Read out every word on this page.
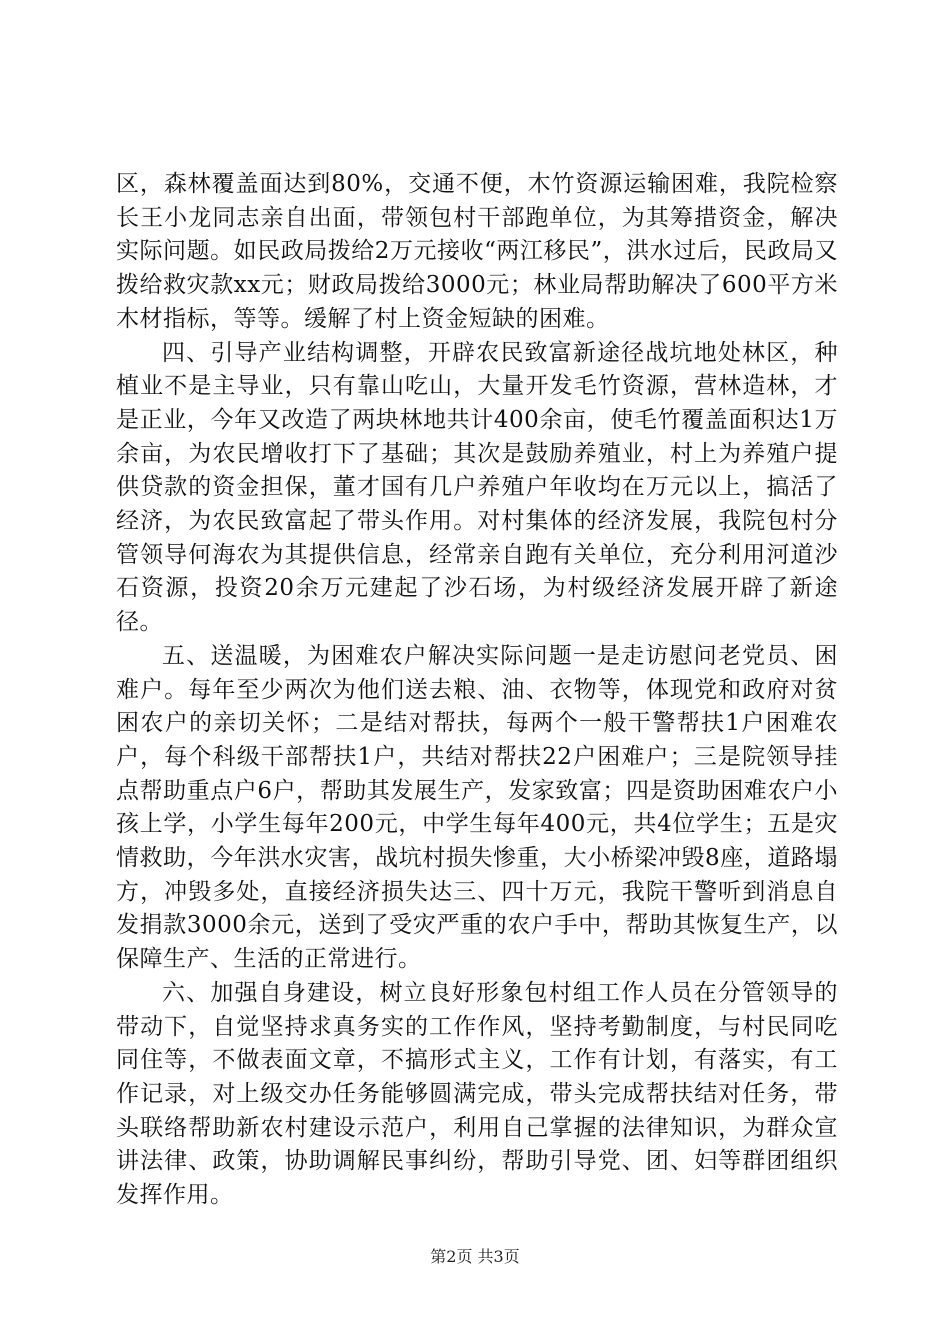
区，森林覆盖面达到80%，交通不便，木竹资源运输困难，我院检察长王小龙同志亲自出面，带领包村干部跑单位，为其筹措资金，解决实际问题。如民政局拨给2万元接收“两江移民”，洪水过后，民政局又拨给救灾款xx元；财政局拨给3000元；林业局帮助解决了600平方米木材指标，等等。缓解了村上资金短缺的困难。

四、引导产业结构调整，开辟农民致富新途径战坑地处林区，种植业不是主导业，只有靠山吃山，大量开发毛竹资源，营林造林，才是正业，今年又改造了两块林地共计400余亩，使毛竹覆盖面积达1万余亩，为农民增收打下了基础；其次是鼓励养殖业，村上为养殖户提供贷款的资金担保，董才国有几户养殖户年收均在万元以上，搞活了经济，为农民致富起了带头作用。对村集体的经济发展，我院包村分管领导何海农为其提供信息，经常亲自跑有关单位，充分利用河道沙石资源，投资20余万元建起了沙石场，为村级经济发展开辟了新途径。

五、送温暖，为困难农户解决实际问题一是走访慰问老党员、困难户。每年至少两次为他们送去粮、油、衣物等，体现党和政府对贫困农户的亲切关怀；二是结对帮扶，每两个一般干警帮扶1户困难农户，每个科级干部帮扶1户，共结对帮扶22户困难户；三是院领导挂点帮助重点户6户，帮助其发展生产，发家致富；四是资助困难农户小孩上学，小学生每年200元，中学生每年400元，共4位学生；五是灾情救助，今年洪水灾害，战坑村损失惨重，大小桥梁冲毁8座，道路塌方，冲毁多处，直接经济损失达三、四十万元，我院干警听到消息自发捐款3000余元，送到了受灾严重的农户手中，帮助其恢复生产，以保障生产、生活的正常进行。

六、加强自身建设，树立良好形象包村组工作人员在分管领导的带动下，自觉坚持求真务实的工作作风，坚持考勤制度，与村民同吃同住等，不做表面文章，不搞形式主义，工作有计划，有落实，有工作记录，对上级交办任务能够圆满完成，带头完成帮扶结对任务，带头联络帮助新农村建设示范户，利用自己掌握的法律知识，为群众宣讲法律、政策，协助调解民事纠纷，帮助引导党、团、妇等群团组织发挥作用。

第2页 共3页
